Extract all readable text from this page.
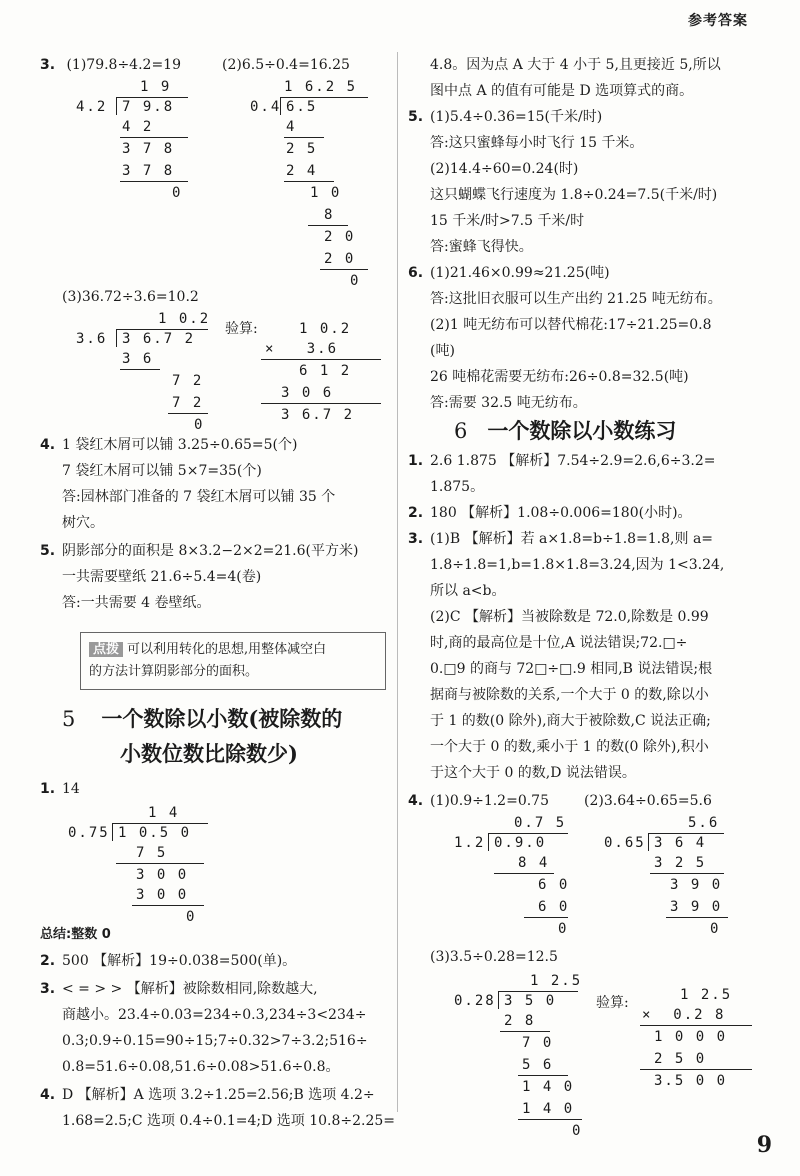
参考答案
3. (1)79.8÷4.2=19	(2)6.5÷0.4=16.25
1 9
4.2 7 9.8
4 2
3 7 8
3 7 8
0
1 6.2 5
0.4 6.5
4
2 5
2 4
1 0
8
2 0
2 0
0
(3)36.72÷3.6=10.2
1 0.2
3.6 3 6.7 2
3 6
7 2
7 2
0
验算:	1 0.2
×   3.6
6 1 2
3 0 6
3 6.7 2
4. 1 袋红木屑可以铺 3.25÷0.65=5(个)
7 袋红木屑可以铺 5×7=35(个)
答:园林部门准备的 7 袋红木屑可以铺 35 个
树穴。
5. 阴影部分的面积是 8×3.2−2×2=21.6(平方米)
一共需要壁纸 21.6÷5.4=4(卷)
答:一共需要 4 卷壁纸。
点拨 可以利用转化的思想,用整体减空白
的方法计算阴影部分的面积。
5 一个数除以小数(被除数的
小数位数比除数少)
1. 14
1 4
0.75 1 0.5 0
7 5
3 0 0
3 0 0
0
总结:整数 0
2. 500 【解析】19÷0.038=500(单)。
3. < = > > 【解析】被除数相同,除数越大,
商越小。23.4÷0.03=234÷0.3,234÷3<234÷
0.3;0.9÷0.15=90÷15;7÷0.32>7÷3.2;516÷
0.8=51.6÷0.08,51.6÷0.08>51.6÷0.8。
4. D 【解析】A 选项 3.2÷1.25=2.56;B 选项 4.2÷
1.68=2.5;C 选项 0.4÷0.1=4;D 选项 10.8÷2.25=
4.8。因为点 A 大于 4 小于 5,且更接近 5,所以
图中点 A 的值有可能是 D 选项算式的商。
5. (1)5.4÷0.36=15(千米/时)
答:这只蜜蜂每小时飞行 15 千米。
(2)14.4÷60=0.24(时)
这只蝴蝶飞行速度为 1.8÷0.24=7.5(千米/时)
15 千米/时>7.5 千米/时
答:蜜蜂飞得快。
6. (1)21.46×0.99≈21.25(吨)
答:这批旧衣服可以生产出约 21.25 吨无纺布。
(2)1 吨无纺布可以替代棉花:17÷21.25=0.8
(吨)
26 吨棉花需要无纺布:26÷0.8=32.5(吨)
答:需要 32.5 吨无纺布。
6 一个数除以小数练习
1. 2.6 1.875 【解析】7.54÷2.9=2.6,6÷3.2=
1.875。
2. 180 【解析】1.08÷0.006=180(小时)。
3. (1)B 【解析】若 a×1.8=b÷1.8=1.8,则 a=
1.8÷1.8=1,b=1.8×1.8=3.24,因为 1<3.24,
所以 a<b。
(2)C 【解析】当被除数是 72.0,除数是 0.99
时,商的最高位是十位,A 说法错误;72.□÷
0.□9 的商与 72□÷□.9 相同,B 说法错误;根
据商与被除数的关系,一个大于 0 的数,除以小
于 1 的数(0 除外),商大于被除数,C 说法正确;
一个大于 0 的数,乘小于 1 的数(0 除外),积小
于这个大于 0 的数,D 说法错误。
4. (1)0.9÷1.2=0.75	(2)3.64÷0.65=5.6
0.7 5
1.2 0.9.0
8 4
6 0
6 0
0
5.6
0.65 3 6 4
3 2 5
3 9 0
3 9 0
0
(3)3.5÷0.28=12.5
1 2.5
0.28 3 5 0
2 8
7 0
5 6
1 4 0
1 4 0
0
验算:	1 2.5
×  0.2 8
1 0 0 0
2 5 0
3.5 0 0
9
